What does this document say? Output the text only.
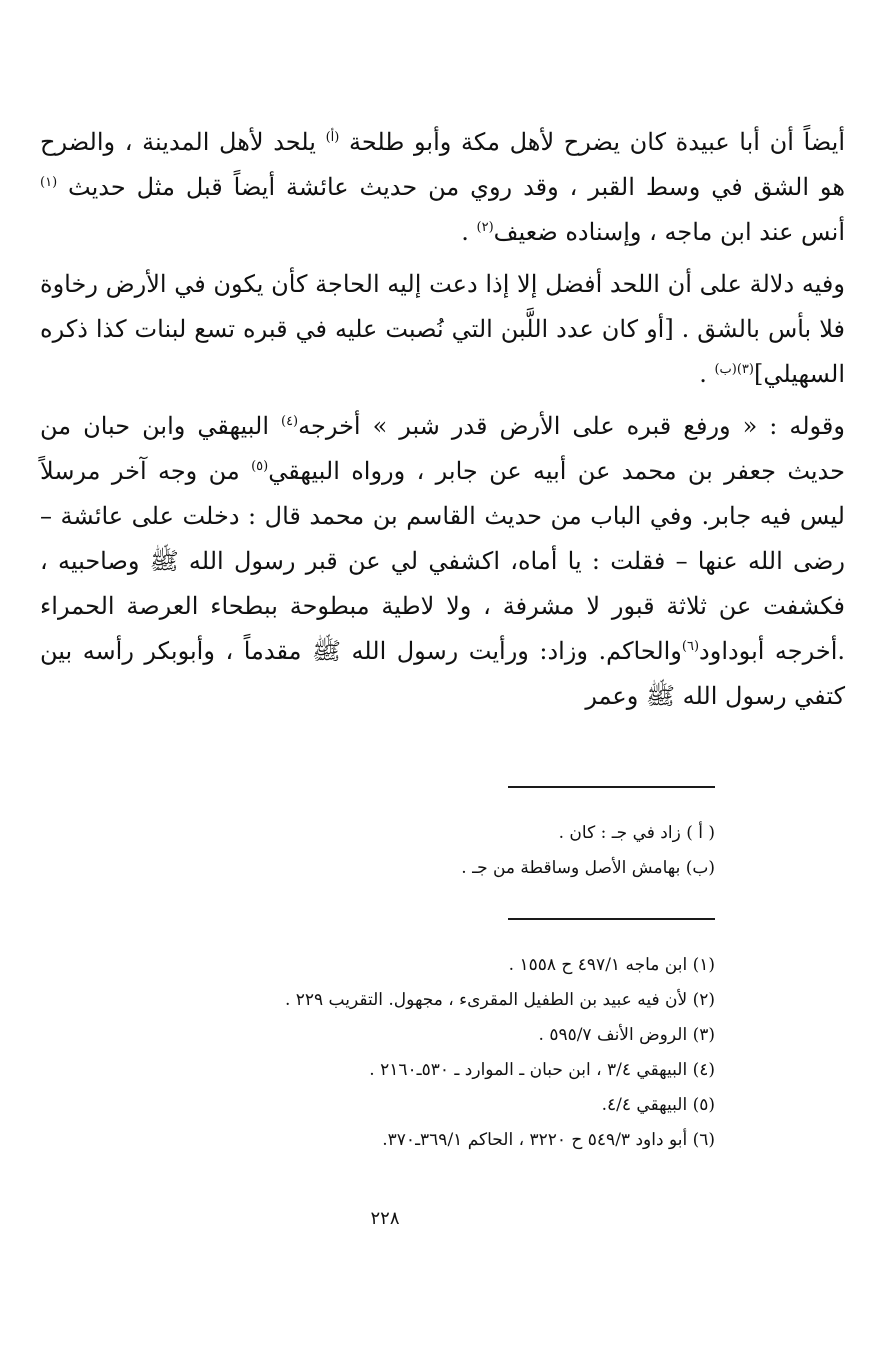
أيضاً أن أبا عبيدة كان يضرح لأهل مكة وأبو طلحة $^{(أ)}$ يلحد لأهل المدينة ، والضرح هو الشق في وسط القبر ، وقد روي من حديث عائشة أيضاً قبل مثل حديث $^{(١)}$ أنس عند ابن ماجه ، وإسناده ضعيف$^{(٢)}$ .

وفيه دلالة على أن اللحد أفضل إلا إذا دعت إليه الحاجة كأن يكون في الأرض رخاوة فلا بأس بالشق . [أو كان عدد اللَّبن التي نُصبت عليه في قبره تسع لبنات كذا ذكره السهيلي]$^{(٣)(ب)}$ .

وقوله : « ورفع قبره على الأرض قدر شبر » أخرجه$^{(٤)}$ البيهقي وابن حبان من حديث جعفر بن محمد عن أبيه عن جابر ، ورواه البيهقي$^{(٥)}$ من وجه آخر مرسلاً ليس فيه جابر. وفي الباب من حديث القاسم بن محمد قال : دخلت على عائشة – رضى الله عنها – فقلت : يا أماه، اكشفي لي عن قبر رسول الله ﷺ وصاحبيه ، فكشفت عن ثلاثة قبور لا مشرفة ، ولا لاطية مبطوحة ببطحاء العرصة الحمراء .أخرجه أبوداود$^{(٦)}$والحاكم. وزاد: ورأيت رسول الله ﷺ مقدماً ، وأبوبكر رأسه بين كتفي رسول الله ﷺ وعمر

( أ ) زاد في جـ : كان .

(ب) بهامش الأصل وساقطة من جـ .

(١) ابن ماجه ٤٩٧/١ ح ١٥٥٨ .

(٢) لأن فيه عبيد بن الطفيل المقرىء ، مجهول. التقريب ٢٢٩ .

(٣) الروض الأنف ٥٩٥/٧ .

(٤) البيهقي ٣/٤ ، ابن حبان ـ الموارد ـ ٥٣٠ـ٢١٦٠ .

(٥) البيهقي ٤/٤.

(٦) أبو داود ٥٤٩/٣ ح ٣٢٢٠ ، الحاكم ٣٦٩/١ـ٣٧٠.

٢٢٨
